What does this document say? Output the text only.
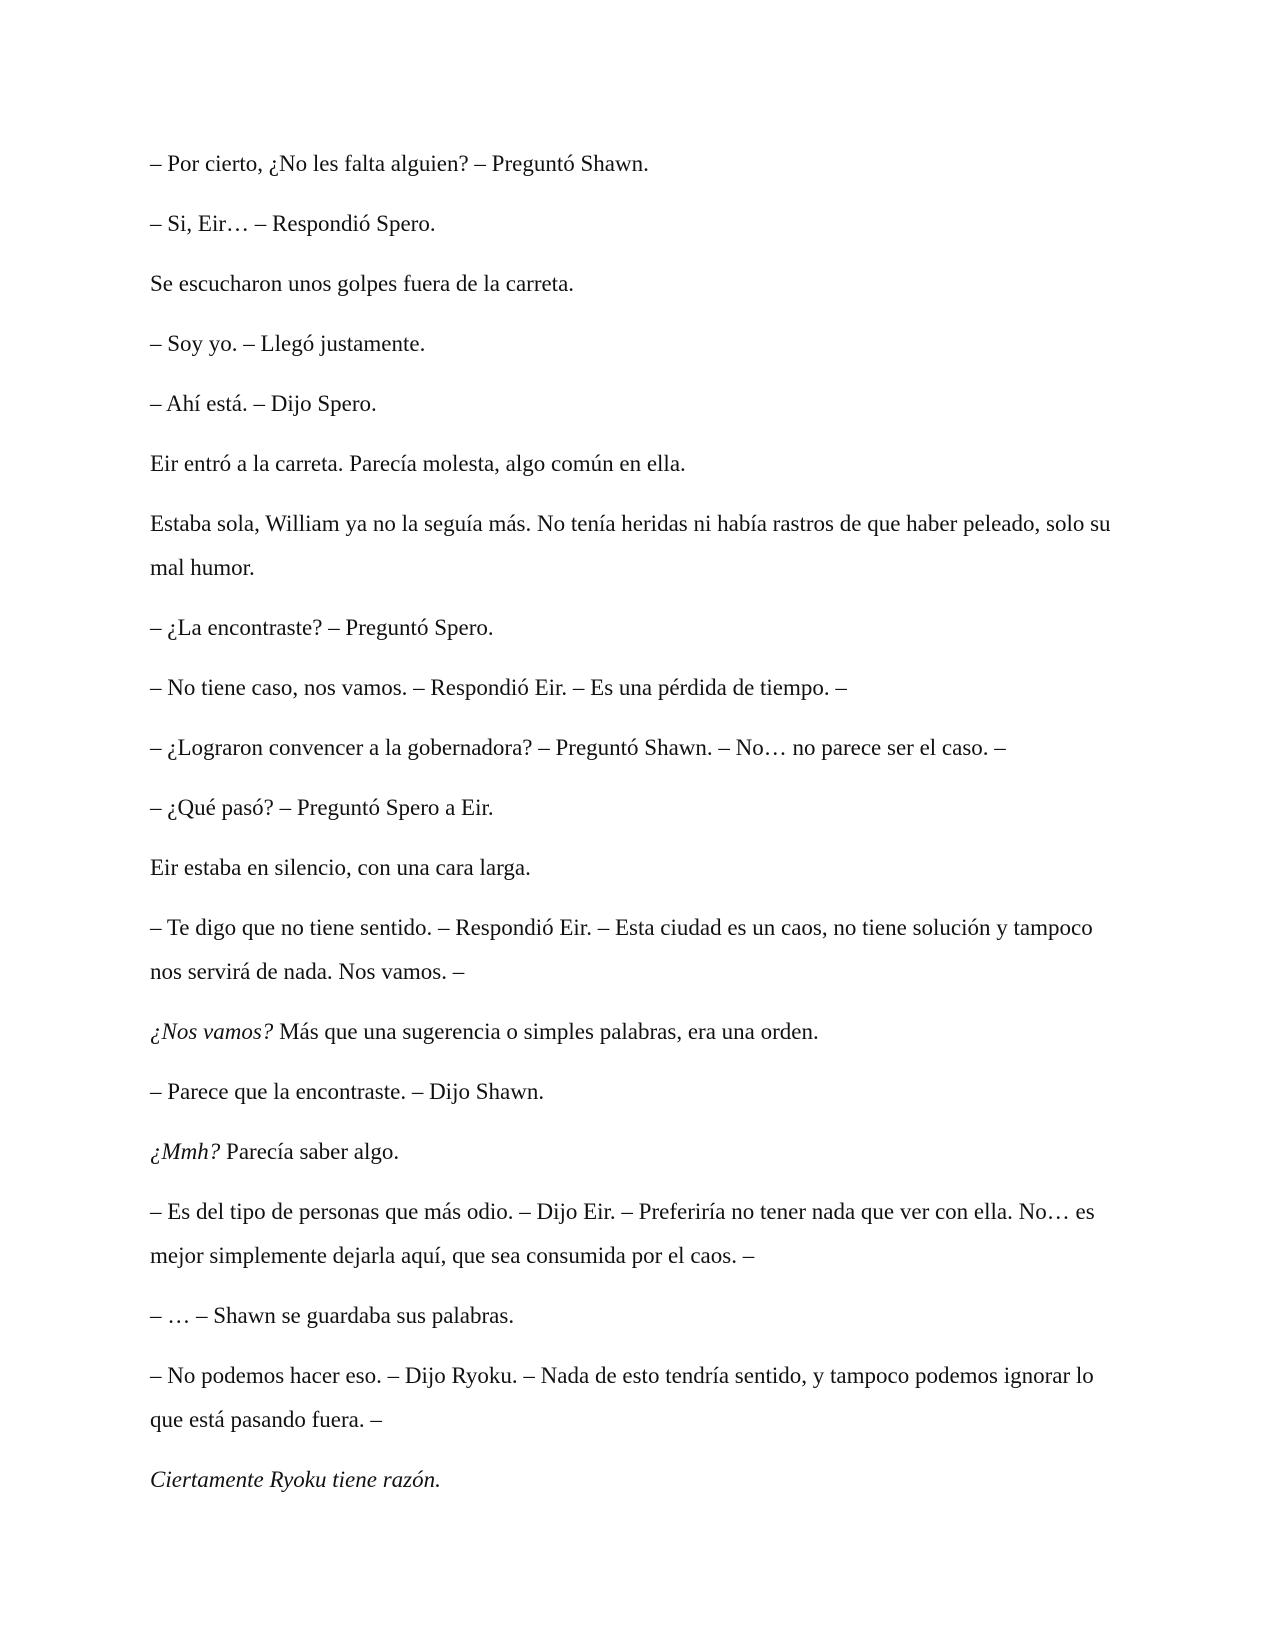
– Por cierto, ¿No les falta alguien? – Preguntó Shawn.

– Si, Eir… – Respondió Spero.

Se escucharon unos golpes fuera de la carreta.

– Soy yo. – Llegó justamente.

– Ahí está. – Dijo Spero.

Eir entró a la carreta. Parecía molesta, algo común en ella.

Estaba sola, William ya no la seguía más. No tenía heridas ni había rastros de que haber peleado, solo su mal humor.

– ¿La encontraste? – Preguntó Spero.

– No tiene caso, nos vamos. – Respondió Eir. – Es una pérdida de tiempo. –

– ¿Lograron convencer a la gobernadora? – Preguntó Shawn. – No… no parece ser el caso. –

– ¿Qué pasó? – Preguntó Spero a Eir.

Eir estaba en silencio, con una cara larga.

– Te digo que no tiene sentido. – Respondió Eir. – Esta ciudad es un caos, no tiene solución y tampoco nos servirá de nada. Nos vamos. –

¿Nos vamos? Más que una sugerencia o simples palabras, era una orden.

– Parece que la encontraste. – Dijo Shawn.

¿Mmh? Parecía saber algo.

– Es del tipo de personas que más odio. – Dijo Eir. – Preferiría no tener nada que ver con ella. No… es mejor simplemente dejarla aquí, que sea consumida por el caos. –

– … – Shawn se guardaba sus palabras.

– No podemos hacer eso. – Dijo Ryoku. – Nada de esto tendría sentido, y tampoco podemos ignorar lo que está pasando fuera. –

Ciertamente Ryoku tiene razón.
